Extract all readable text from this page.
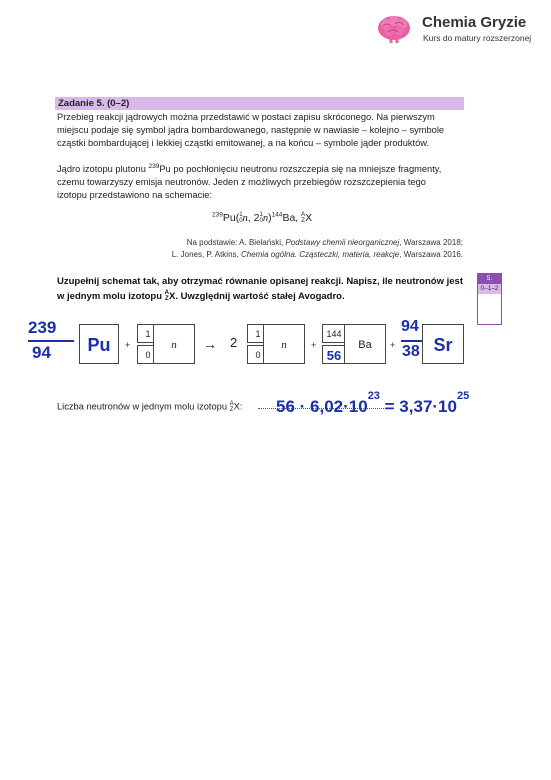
Chemia Gryzie
Kurs do matury rozszerzonej
Zadanie 5. (0–2)

Przebieg reakcji jądrowych można przedstawić w postaci zapisu skróconego. Na pierwszym miejscu podaje się symbol jądra bombardowanego, następnie w nawiasie – kolejno – symbole cząstki bombardującej i lekkiej cząstki emitowanej, a na końcu – symbole jąder produktów.

Jądro izotopu plutonu $^{239}$Pu po pochłonięciu neutronu rozszczepia się na mniejsze fragmenty, czemu towarzyszy emisja neutronów. Jeden z możliwych przebiegów rozszczepienia tego izotopu przedstawiono na schemacie:

$^{239}$Pu( 1
0 n, 2 1
0 n)$^{144}$Ba, A
Z X
Na podstawie: A. Bielański, Podstawy chemii nieorganicznej, Warszawa 2018;
L. Jones, P. Atkins, Chemia ogólna. Cząsteczki, materia, reakcje, Warszawa 2016.
Uzupełnij schemat tak, aby otrzymać równanie opisanej reakcji. Napisz, ile neutronów jest w jednym molu izotopu A
Z X. Uwzględnij wartość stałej Avogadro.
5.
0–1–2
239
94	Pu	+
1
0
n	→ 2
1
0
n	+
144
56
Ba	+
94
38 Sr
Liczba neutronów w jednym molu izotopu A
Z X: $56 \cdot 6,02\cdot 10^{23} = 3,37\cdot 10^{25}$
